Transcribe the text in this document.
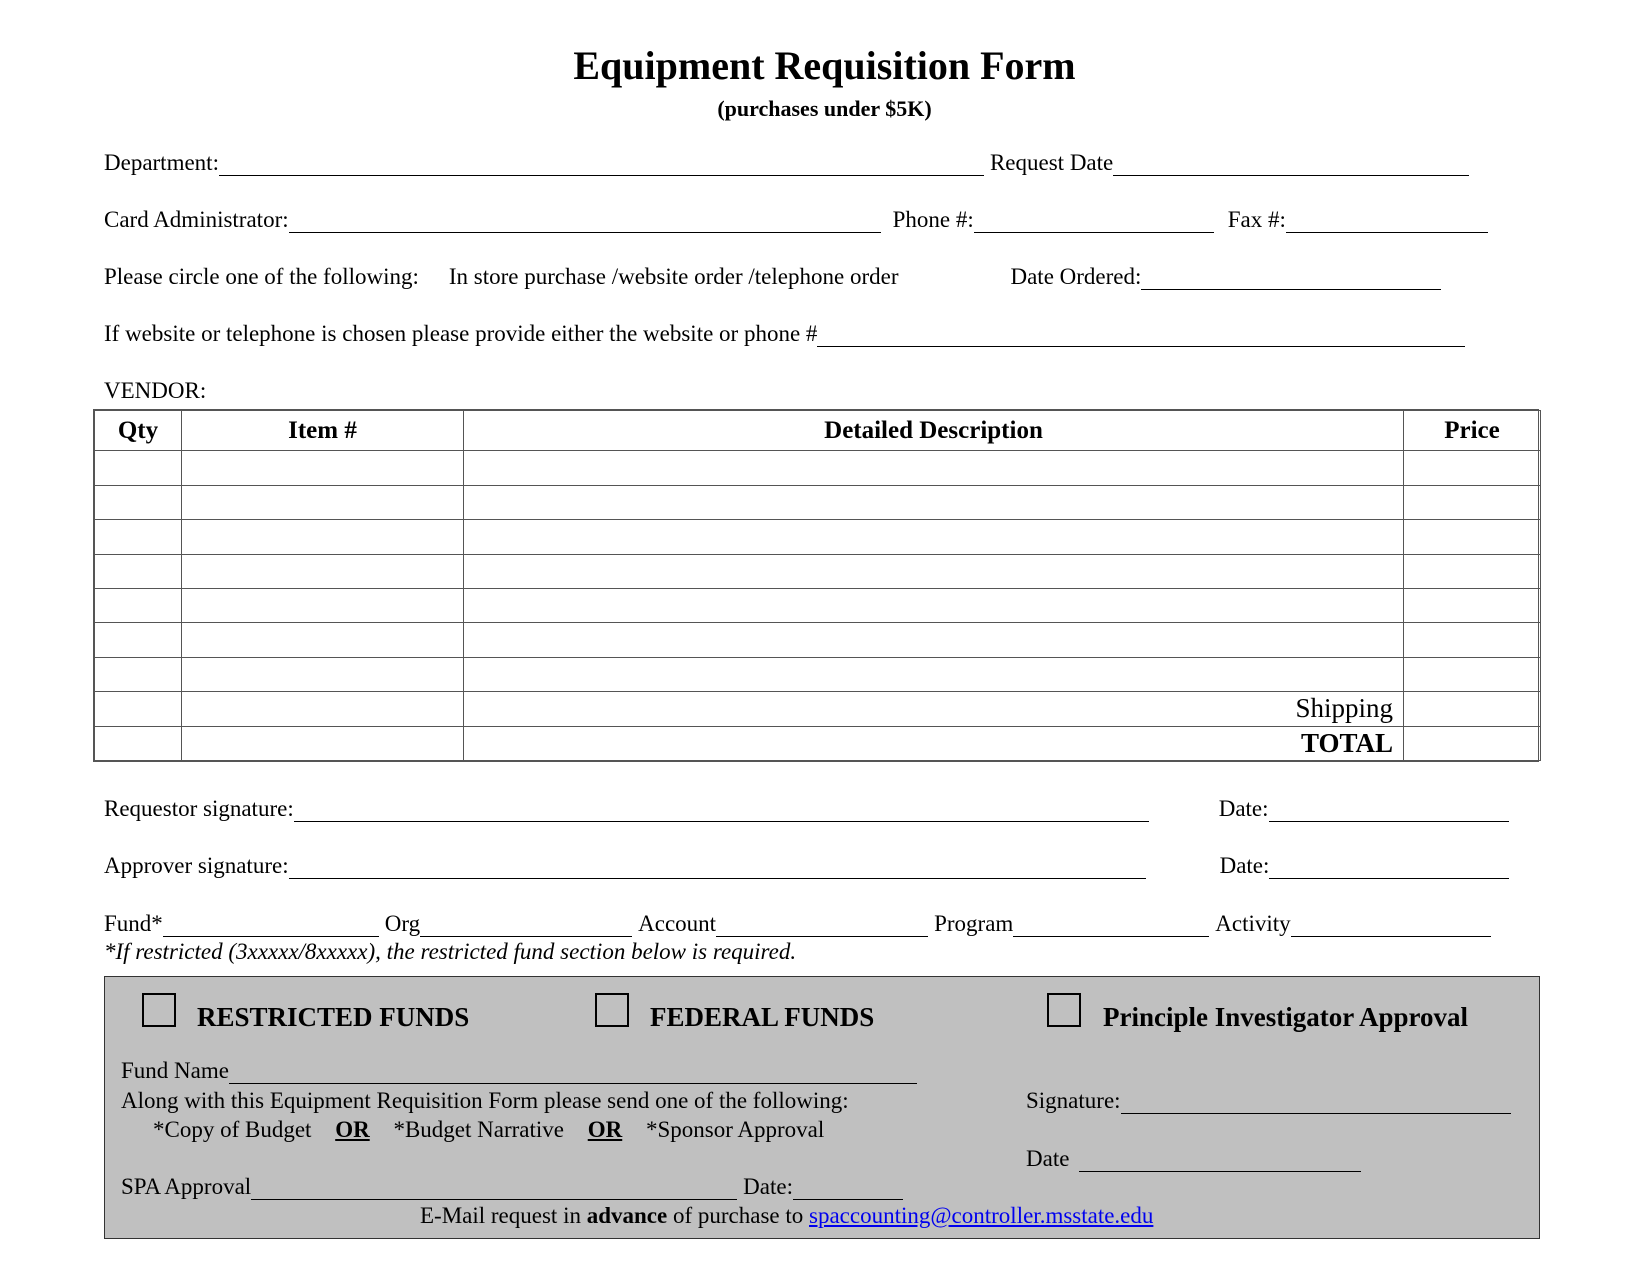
Equipment Requisition Form
(purchases under $5K)
Department:	Request Date
Card Administrator:	Phone #:	Fax #:
Please circle one of the following: In store purchase /website order /telephone order	Date Ordered:
If website or telephone is chosen please provide either the website or phone #
VENDOR:
Qty	Item #	Detailed Description	Price

		Shipping	
		TOTAL	
Requestor signature:	Date:
Approver signature:	Date:
Fund*	Org	Account	Program	Activity
*If restricted (3xxxxx/8xxxxx), the restricted fund section below is required.
RESTRICTED FUNDS	FEDERAL FUNDS	Principle Investigator Approval
Fund Name
Along with this Equipment Requisition Form please send one of the following:
*Copy of Budget OR *Budget Narrative OR *Sponsor Approval
Signature:
Date
SPA Approval	Date:
E-Mail request in advance of purchase to spaccounting@controller.msstate.edu
